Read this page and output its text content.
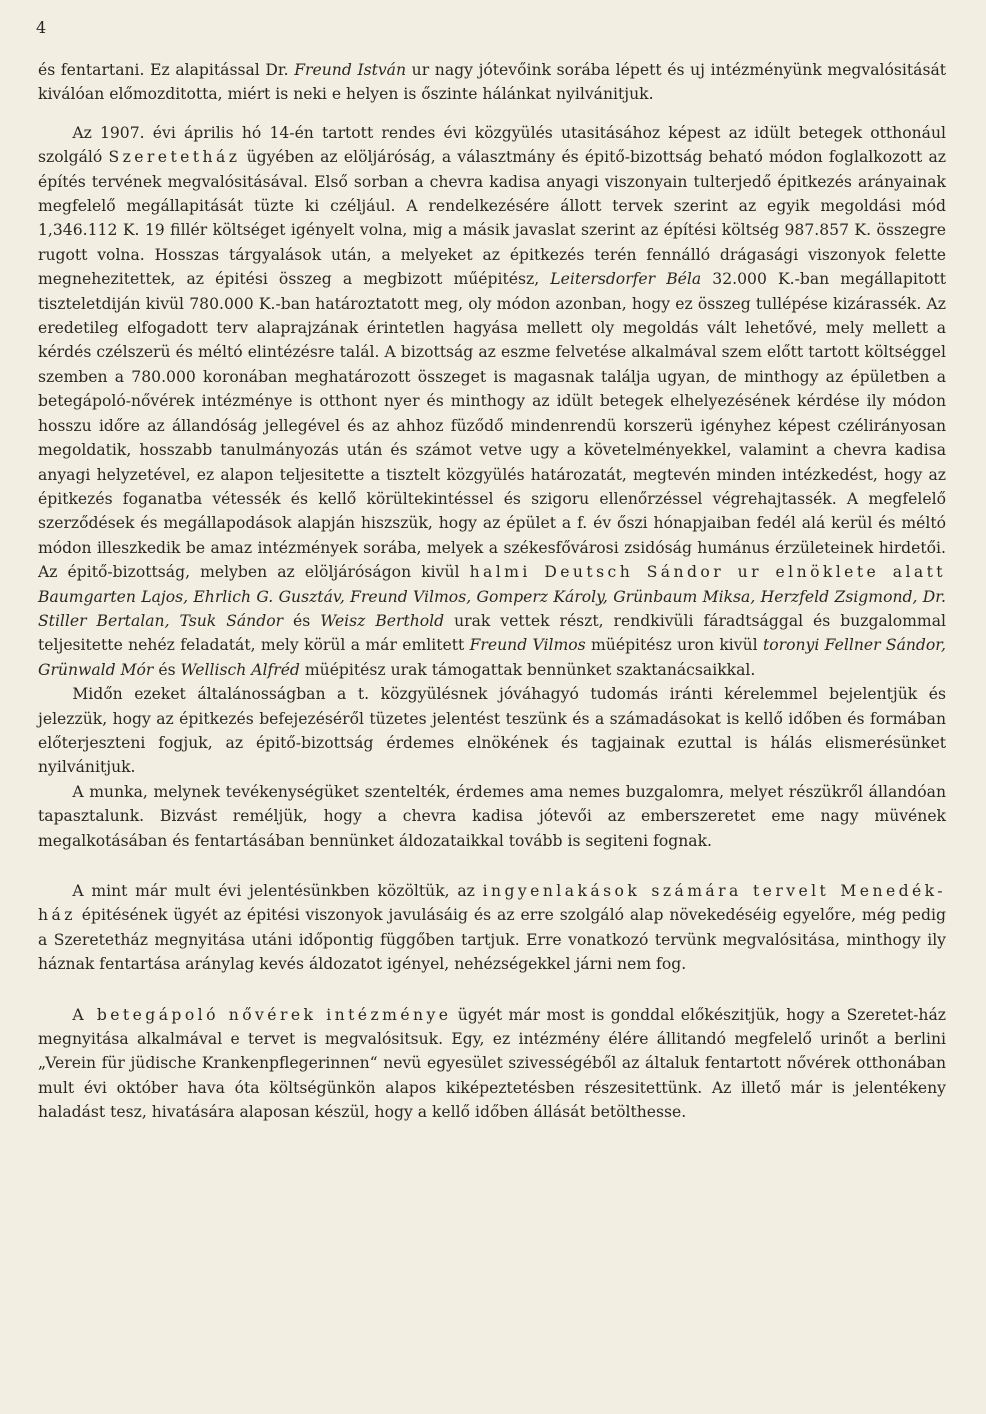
4

és fentartani. Ez alapitással Dr. Freund István ur nagy jótevőink sorába lépett és uj intézményünk megvalósitását kiválóan előmozditotta, miért is neki e helyen is őszinte hálánkat nyilvánitjuk.

Az 1907. évi április hó 14-én tartott rendes évi közgyülés utasitásához képest az idült betegek otthonául szolgáló Szeretetház ügyében az elöljáróság, a választmány és épitő-bizottság beható módon foglalkozott az építés tervének megvalósitásával. Első sorban a chevra kadisa anyagi viszonyain tulterjedő épitkezés arányainak megfelelő megállapitását tüzte ki czéljául. A rendelkezésére állott tervek szerint az egyik megoldási mód 1,346.112 K. 19 fillér költséget igényelt volna, mig a másik javaslat szerint az építési költség 987.857 K. összegre rugott volna. Hosszas tárgyalások után, a melyeket az épitkezés terén fennálló drágasági viszonyok felette megnehezitettek, az épitési összeg a megbizott műépitész, Leitersdorfer Béla 32.000 K.-ban megállapitott tiszteletdiján kivül 780.000 K.-ban határoztatott meg, oly módon azonban, hogy ez összeg tullépése kizárassék. Az eredetileg elfogadott terv alaprajzának érintetlen hagyása mellett oly megoldás vált lehetővé, mely mellett a kérdés czélszerü és méltó elintézésre talál. A bizottság az eszme felvetése alkalmával szem előtt tartott költséggel szemben a 780.000 koronában meghatározott összeget is magasnak találja ugyan, de minthogy az épületben a betegápoló-nővérek intézménye is otthont nyer és minthogy az idült betegek elhelyezésének kérdése ily módon hosszu időre az állandóság jellegével és az ahhoz füződő mindenrendü korszerü igényhez képest czélirányosan megoldatik, hosszabb tanulmányozás után és számot vetve ugy a követelményekkel, valamint a chevra kadisa anyagi helyzetével, ez alapon teljesitette a tisztelt közgyülés határozatát, megtevén minden intézkedést, hogy az épitkezés foganatba vétessék és kellő körültekintéssel és szigoru ellenőrzéssel végrehajtassék. A megfelelő szerződések és megállapodások alapján hiszszük, hogy az épület a f. év őszi hónapjaiban fedél alá kerül és méltó módon illeszkedik be amaz intézmények sorába, melyek a székesfővárosi zsidóság humánus érzületeinek hirdetői. Az épitő-bizottság, melyben az elöljáróságon kivül halmi Deutsch Sándor ur elnöklete alatt Baumgarten Lajos, Ehrlich G. Gusztáv, Freund Vilmos, Gomperz Károly, Grünbaum Miksa, Herzfeld Zsigmond, Dr. Stiller Bertalan, Tsuk Sándor és Weisz Berthold urak vettek részt, rendkivüli fáradtsággal és buzgalommal teljesitette nehéz feladatát, mely körül a már emlitett Freund Vilmos müépitész uron kivül toronyi Fellner Sándor, Grünwald Mór és Wellisch Alfréd müépitész urak támogattak bennünket szaktanácsaikkal.

Midőn ezeket általánosságban a t. közgyülésnek jóváhagyó tudomás iránti kérelemmel bejelentjük és jelezzük, hogy az épitkezés befejezéséről tüzetes jelentést teszünk és a számadásokat is kellő időben és formában előterjeszteni fogjuk, az épitő-bizottság érdemes elnökének és tagjainak ezuttal is hálás elismerésünket nyilvánitjuk.

A munka, melynek tevékenységüket szentelték, érdemes ama nemes buzgalomra, melyet részükről állandóan tapasztalunk. Bizvást reméljük, hogy a chevra kadisa jótevői az emberszeretet eme nagy müvének megalkotásában és fentartásában bennünket áldozataikkal tovább is segiteni fognak.

A mint már mult évi jelentésünkben közöltük, az ingyenlakások számára tervelt Menedék-ház épitésének ügyét az épitési viszonyok javulásáig és az erre szolgáló alap növekedéséig egyelőre, még pedig a Szeretetház megnyitása utáni időpontig függőben tartjuk. Erre vonatkozó tervünk megvalósitása, minthogy ily háznak fentartása aránylag kevés áldozatot igényel, nehézségekkel járni nem fog.

A betegápoló nővérek intézménye ügyét már most is gonddal előkészitjük, hogy a Szeretet-ház megnyitása alkalmával e tervet is megvalósitsuk. Egy, ez intézmény élére állitandó megfelelő urinőt a berlini „Verein für jüdische Krankenpflegerinnen“ nevü egyesület szivességéből az általuk fentartott nővérek otthonában mult évi október hava óta költségünkön alapos kiképeztetésben részesitettünk. Az illető már is jelentékeny haladást tesz, hivatására alaposan készül, hogy a kellő időben állását betölthesse.
